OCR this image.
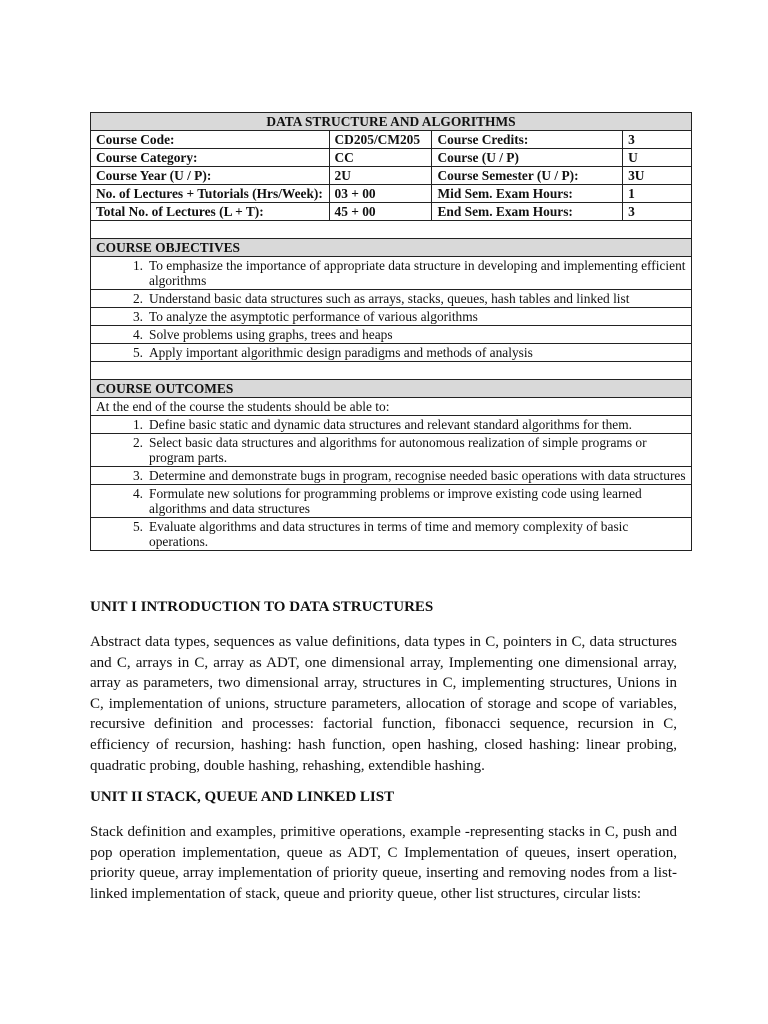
DATA STRUCTURE AND ALGORITHMS			
Course Code:	CD205/CM205	Course Credits:	3
Course Category:	CC	Course (U / P)	U
Course Year (U / P):	2U	Course Semester (U / P):	3U
No. of Lectures + Tutorials (Hrs/Week):	03 + 00	Mid Sem. Exam Hours:	1
Total No. of Lectures (L + T):	45 + 00	End Sem. Exam Hours:	3

COURSE OBJECTIVES			

1. To emphasize the importance of appropriate data structure in developing and implementing efficient algorithms			

2. Understand basic data structures such as arrays, stacks, queues, hash tables and linked list			

3. To analyze the asymptotic performance of various algorithms			

4. Solve problems using graphs, trees and heaps			

5. Apply important algorithmic design paradigms and methods of analysis			

COURSE OUTCOMES			
At the end of the course the students should be able to:			

1. Define basic static and dynamic data structures and relevant standard algorithms for them.			

2. Select basic data structures and algorithms for autonomous realization of simple programs or program parts.			

3. Determine and demonstrate bugs in program, recognise needed basic operations with data structures			

4. Formulate new solutions for programming problems or improve existing code using learned algorithms and data structures			

5. Evaluate algorithms and data structures in terms of time and memory complexity of basic operations.			
UNIT I INTRODUCTION TO DATA STRUCTURES

Abstract data types, sequences as value definitions, data types in C, pointers in C, data structures and C, arrays in C, array as ADT, one dimensional array, Implementing one dimensional array, array as parameters, two dimensional array, structures in C, implementing structures, Unions in C, implementation of unions, structure parameters, allocation of storage and scope of variables, recursive definition and processes: factorial function, fibonacci sequence, recursion in C, efficiency of recursion, hashing: hash function, open hashing, closed hashing: linear probing, quadratic probing, double hashing, rehashing, extendible hashing.

UNIT II STACK, QUEUE AND LINKED LIST

Stack definition and examples, primitive operations, example -representing stacks in C, push and pop operation implementation, queue as ADT, C Implementation of queues, insert operation, priority queue, array implementation of priority queue, inserting and removing nodes from a list-linked implementation of stack, queue and priority queue, other list structures, circular lists:
